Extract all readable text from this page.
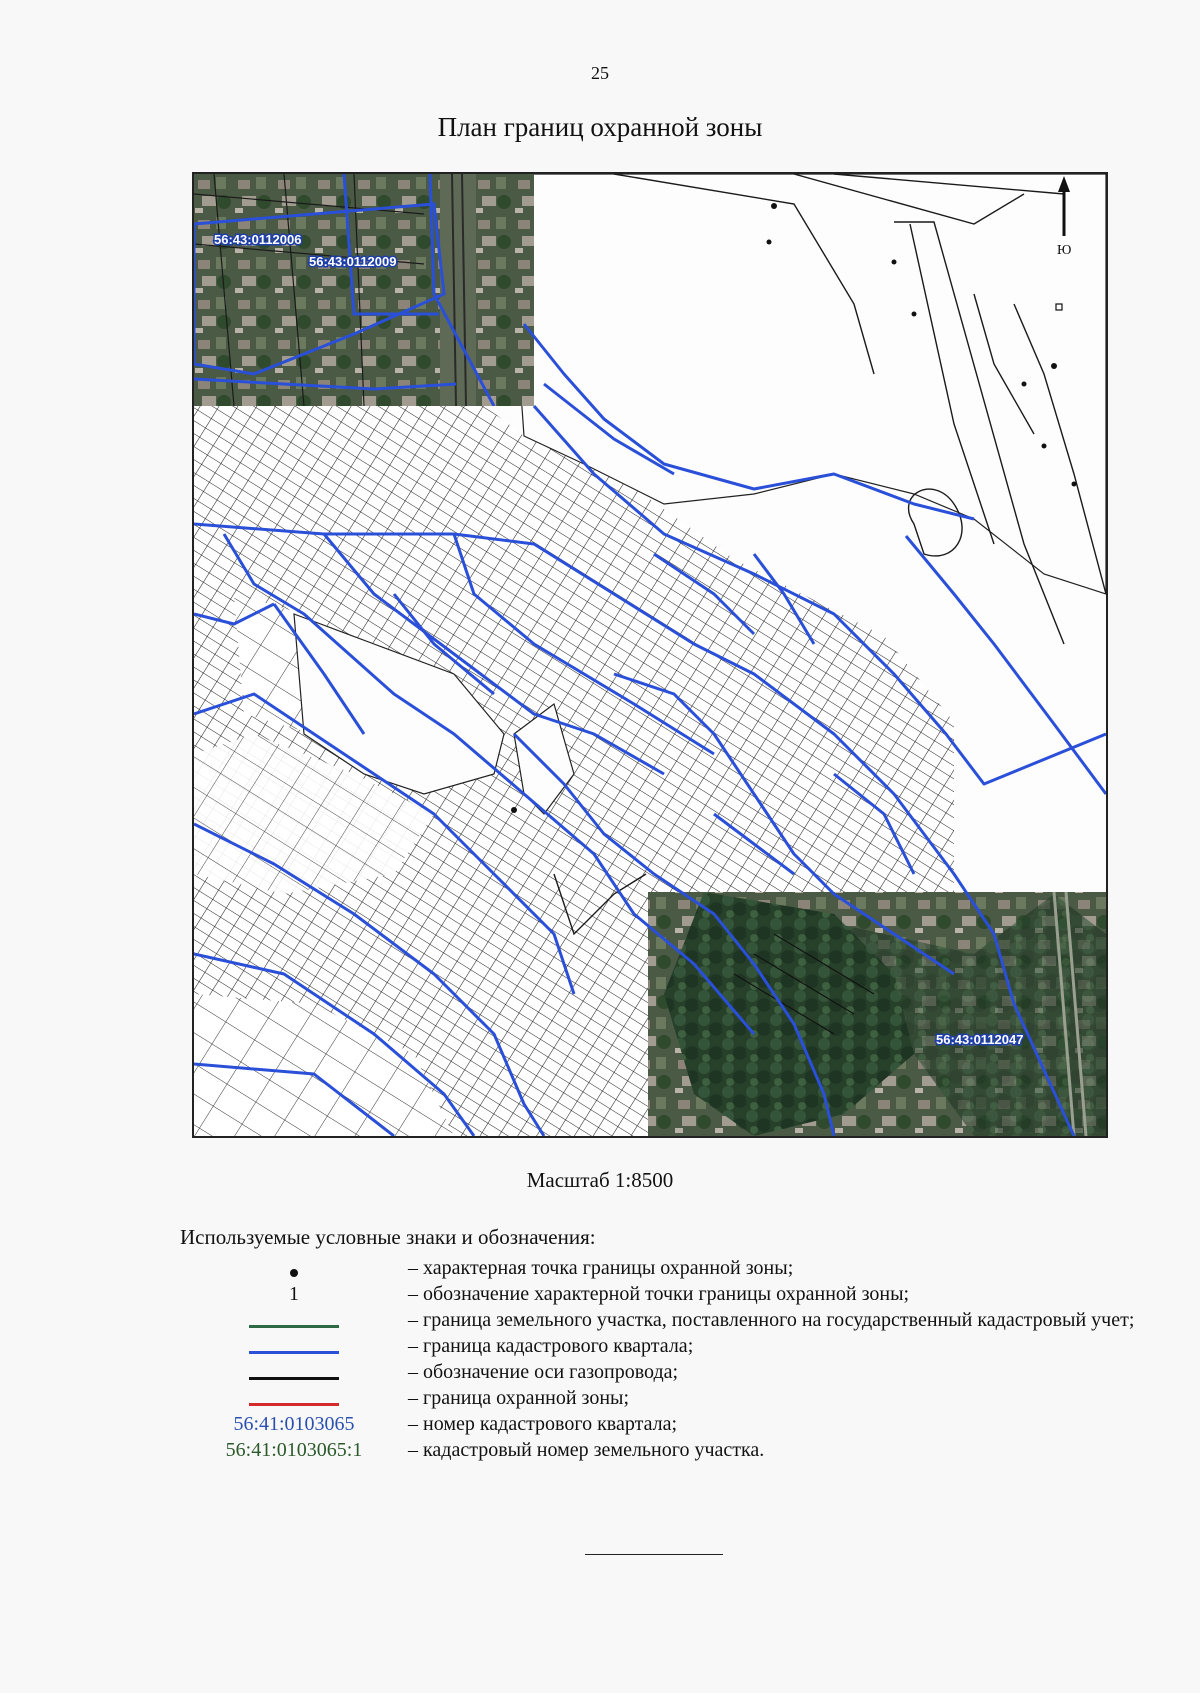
25
План границ охранной зоны
Ю
56:43:0112006
56:43:0112009
56:43:0112047
Масштаб 1:8500
Используемые условные знаки и обозначения:
– характерная точка границы охранной зоны;
1	– обозначение характерной точки границы охранной зоны;
– граница земельного участка, поставленного на государственный кадастровый учет;
– граница кадастрового квартала;
– обозначение оси газопровода;
– граница охранной зоны;
56:41:0103065	– номер кадастрового квартала;
56:41:0103065:1 – кадастровый номер земельного участка.
